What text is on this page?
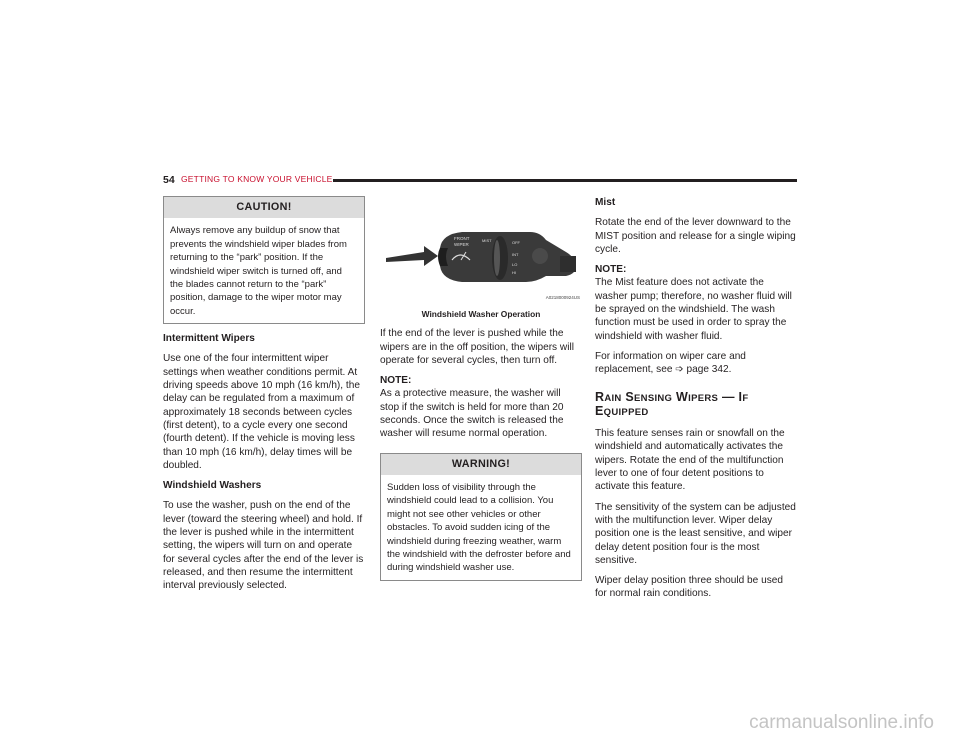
54 GETTING TO KNOW YOUR VEHICLE
CAUTION!
Always remove any buildup of snow that prevents the windshield wiper blades from returning to the “park” position. If the windshield wiper switch is turned off, and the blades cannot return to the “park” position, damage to the wiper motor may occur.
Intermittent Wipers

Use one of the four intermittent wiper settings when weather conditions permit. At driving speeds above 10 mph (16 km/h), the delay can be regulated from a maximum of approximately 18 seconds between cycles (first detent), to a cycle every one second (fourth detent). If the vehicle is moving less than 10 mph (16 km/h), delay times will be doubled.

Windshield Washers

To use the washer, push on the end of the lever (toward the steering wheel) and hold. If the lever is pushed while in the intermittent setting, the wipers will turn on and operate for several cycles after the end of the lever is released, and then resume the intermittent interval previously selected.

FRONT
WIPER
MIST	OFF
INT
LO
HI
A0218000924US
Windshield Washer Operation

If the end of the lever is pushed while the wipers are in the off position, the wipers will operate for several cycles, then turn off.

NOTE:

As a protective measure, the washer will stop if the switch is held for more than 20 seconds. Once the switch is released the washer will resume normal operation.

WARNING!
Sudden loss of visibility through the windshield could lead to a collision. You might not see other vehicles or other obstacles. To avoid sudden icing of the windshield during freezing weather, warm the windshield with the defroster before and during windshield washer use.
Mist

Rotate the end of the lever downward to the MIST position and release for a single wiping cycle.

NOTE:

The Mist feature does not activate the washer pump; therefore, no washer fluid will be sprayed on the windshield. The wash function must be used in order to spray the windshield with washer fluid.

For information on wiper care and replacement, see ➩ page 342.

RAIN SENSING WIPERS — IF EQUIPPED

This feature senses rain or snowfall on the windshield and automatically activates the wipers. Rotate the end of the multifunction lever to one of four detent positions to activate this feature.

The sensitivity of the system can be adjusted with the multifunction lever. Wiper delay position one is the least sensitive, and wiper delay detent position four is the most sensitive.

Wiper delay position three should be used for normal rain conditions.

carmanualsonline.info
